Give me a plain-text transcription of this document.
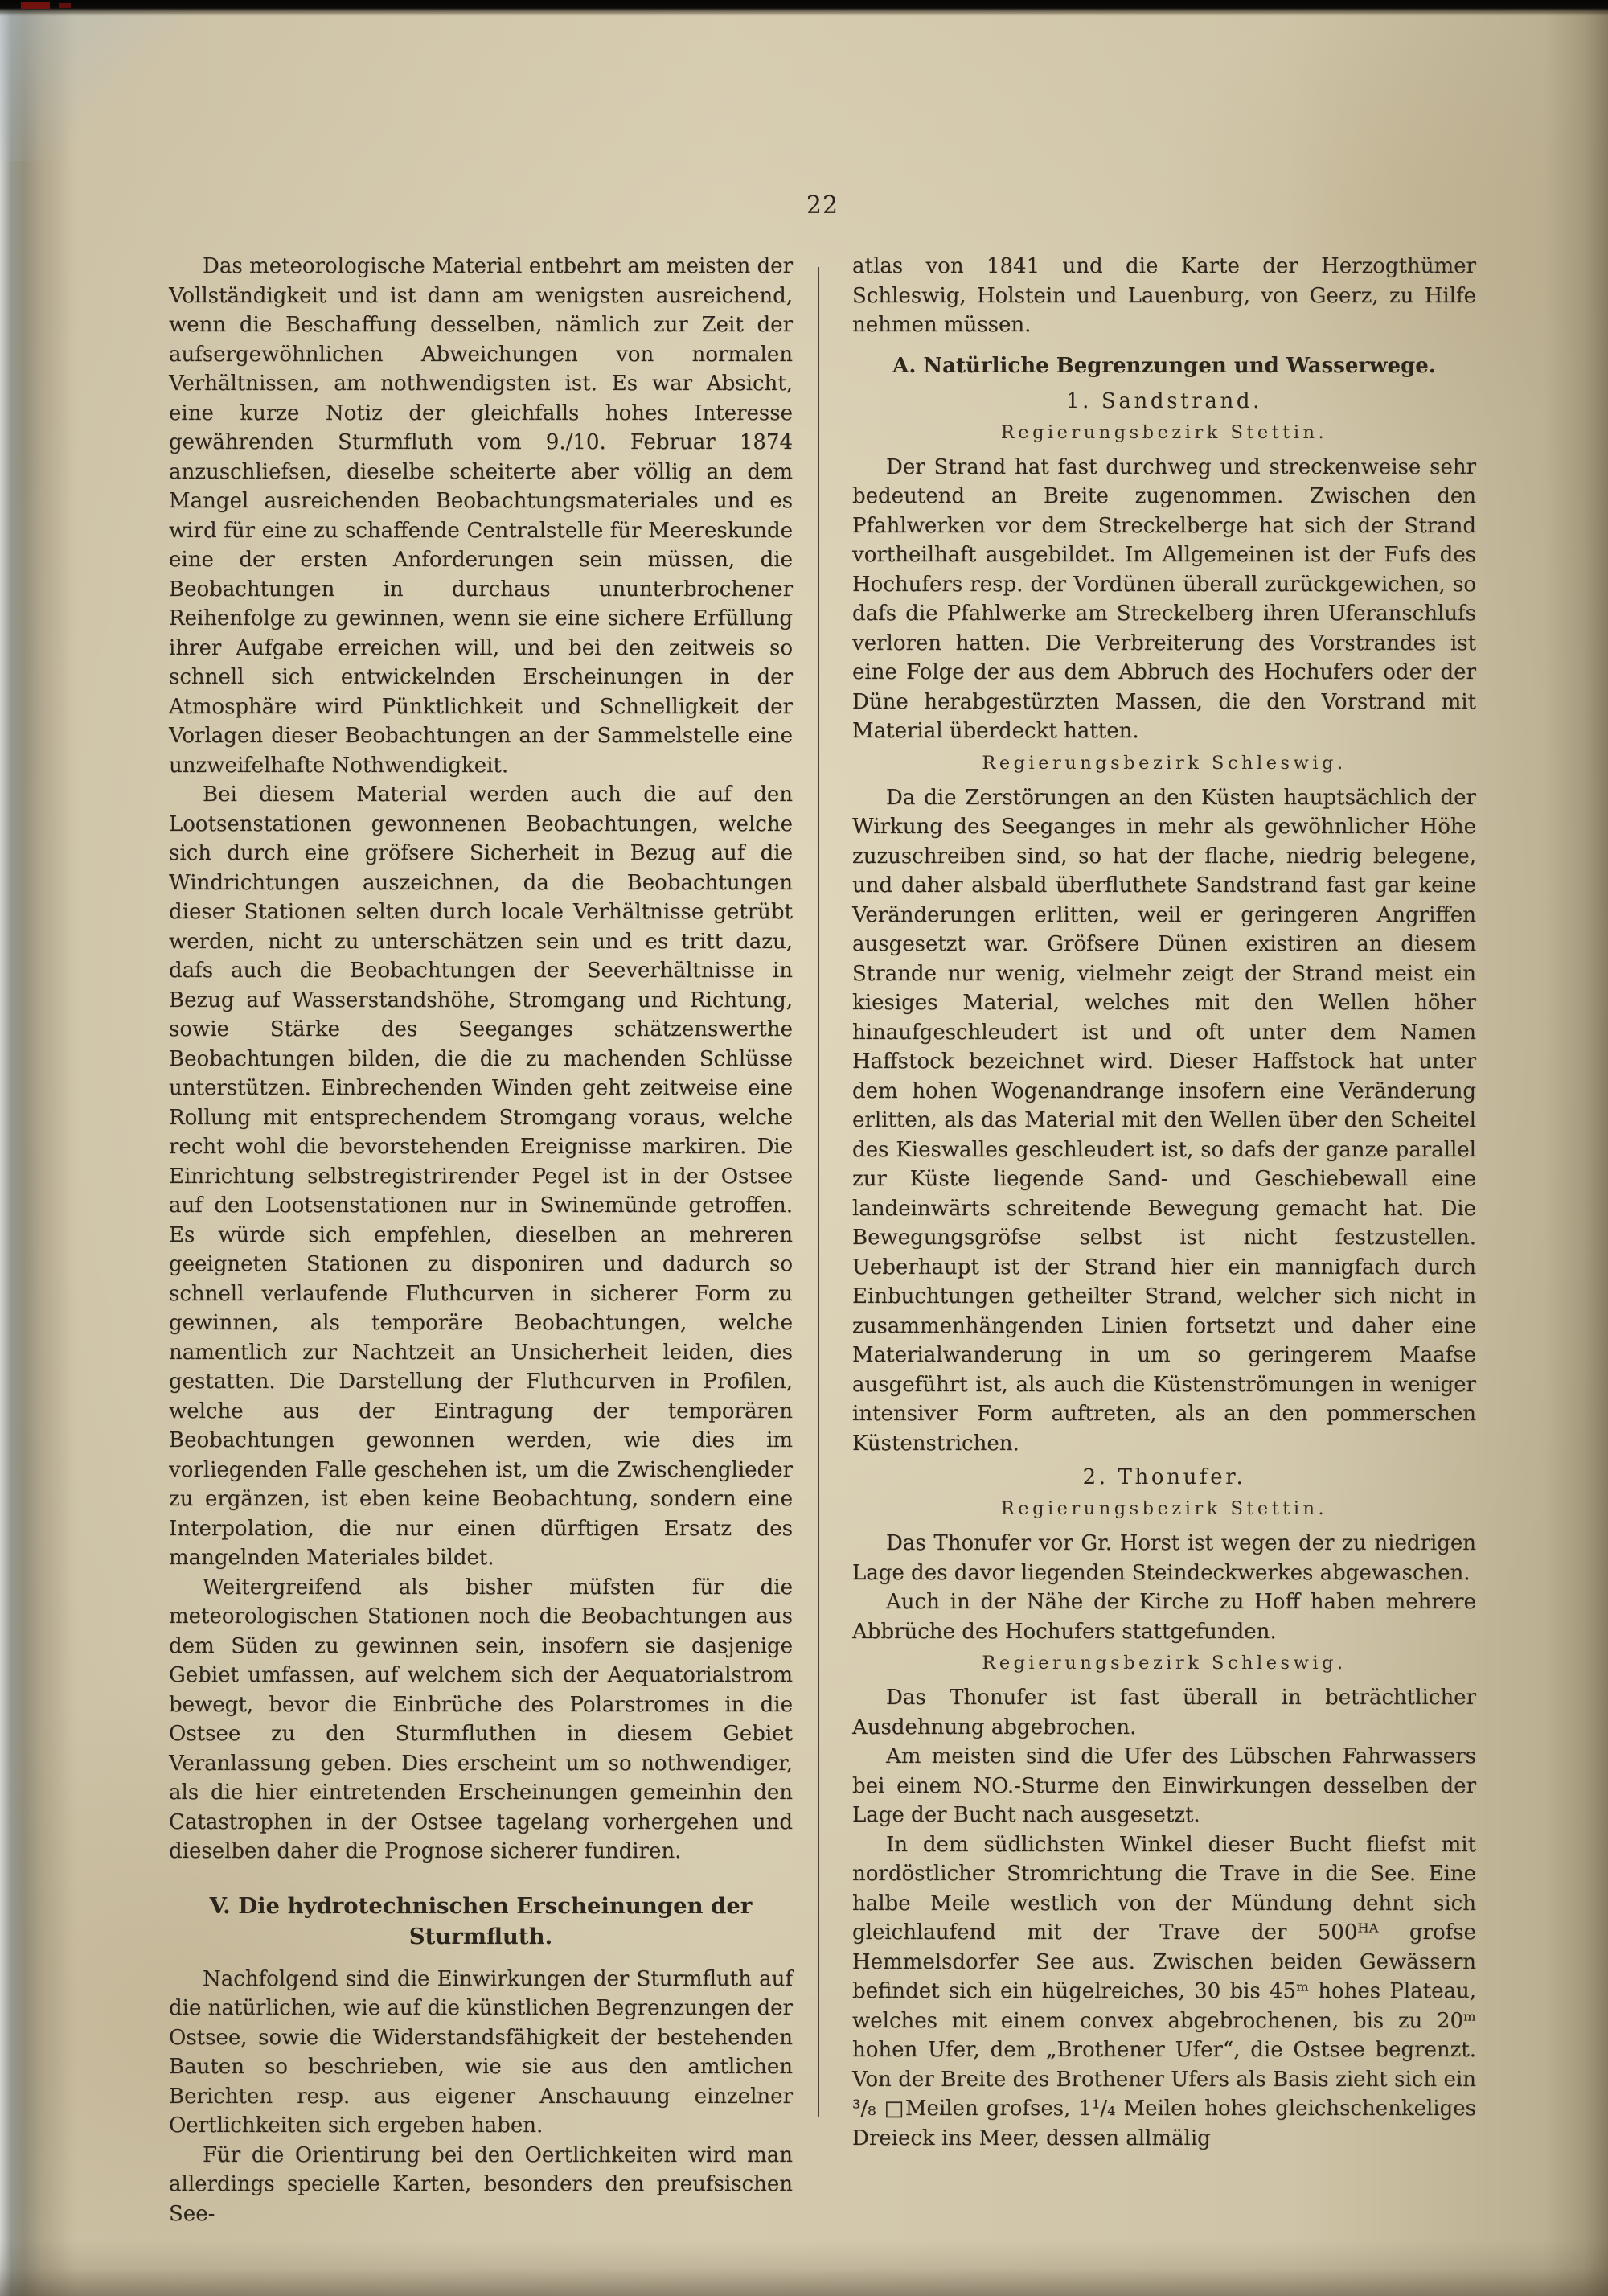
22

Das meteorologische Material entbehrt am meisten der Vollständigkeit und ist dann am wenigsten ausreichend, wenn die Beschaffung desselben, nämlich zur Zeit der aufsergewöhnlichen Abweichungen von normalen Verhältnissen, am nothwendigsten ist. Es war Absicht, eine kurze Notiz der gleichfalls hohes Interesse gewährenden Sturmfluth vom 9./10. Februar 1874 anzuschliefsen, dieselbe scheiterte aber völlig an dem Mangel ausreichenden Beobachtungsmateriales und es wird für eine zu schaffende Centralstelle für Meereskunde eine der ersten Anforderungen sein müssen, die Beobachtungen in durchaus ununterbrochener Reihenfolge zu gewinnen, wenn sie eine sichere Erfüllung ihrer Aufgabe erreichen will, und bei den zeitweis so schnell sich entwickelnden Erscheinungen in der Atmosphäre wird Pünktlichkeit und Schnelligkeit der Vorlagen dieser Beobachtungen an der Sammelstelle eine unzweifelhafte Nothwendigkeit.

Bei diesem Material werden auch die auf den Lootsenstationen gewonnenen Beobachtungen, welche sich durch eine gröfsere Sicherheit in Bezug auf die Windrichtungen auszeichnen, da die Beobachtungen dieser Stationen selten durch locale Verhältnisse getrübt werden, nicht zu unterschätzen sein und es tritt dazu, dafs auch die Beobachtungen der Seeverhältnisse in Bezug auf Wasserstandshöhe, Stromgang und Richtung, sowie Stärke des Seeganges schätzenswerthe Beobachtungen bilden, die die zu machenden Schlüsse unterstützen. Einbrechenden Winden geht zeitweise eine Rollung mit entsprechendem Stromgang voraus, welche recht wohl die bevorstehenden Ereignisse markiren. Die Einrichtung selbstregistrirender Pegel ist in der Ostsee auf den Lootsenstationen nur in Swinemünde getroffen. Es würde sich empfehlen, dieselben an mehreren geeigneten Stationen zu disponiren und dadurch so schnell verlaufende Fluthcurven in sicherer Form zu gewinnen, als temporäre Beobachtungen, welche namentlich zur Nachtzeit an Unsicherheit leiden, dies gestatten. Die Darstellung der Fluthcurven in Profilen, welche aus der Eintragung der temporären Beobachtungen gewonnen werden, wie dies im vorliegenden Falle geschehen ist, um die Zwischenglieder zu ergänzen, ist eben keine Beobachtung, sondern eine Interpolation, die nur einen dürftigen Ersatz des mangelnden Materiales bildet.

Weitergreifend als bisher müfsten für die meteorologischen Stationen noch die Beobachtungen aus dem Süden zu gewinnen sein, insofern sie dasjenige Gebiet umfassen, auf welchem sich der Aequatorialstrom bewegt, bevor die Einbrüche des Polarstromes in die Ostsee zu den Sturmfluthen in diesem Gebiet Veranlassung geben. Dies erscheint um so nothwendiger, als die hier eintretenden Erscheinungen gemeinhin den Catastrophen in der Ostsee tagelang vorhergehen und dieselben daher die Prognose sicherer fundiren.

V. Die hydrotechnischen Erscheinungen der Sturmfluth.

Nachfolgend sind die Einwirkungen der Sturmfluth auf die natürlichen, wie auf die künstlichen Begrenzungen der Ostsee, sowie die Widerstandsfähigkeit der bestehenden Bauten so beschrieben, wie sie aus den amtlichen Berichten resp. aus eigener Anschauung einzelner Oertlichkeiten sich ergeben haben.

Für die Orientirung bei den Oertlichkeiten wird man allerdings specielle Karten, besonders den preufsischen See-

atlas von 1841 und die Karte der Herzogthümer Schleswig, Holstein und Lauenburg, von Geerz, zu Hilfe nehmen müssen.

A. Natürliche Begrenzungen und Wasserwege.
1. Sandstrand.
Regierungsbezirk Stettin.

Der Strand hat fast durchweg und streckenweise sehr bedeutend an Breite zugenommen. Zwischen den Pfahlwerken vor dem Streckelberge hat sich der Strand vortheilhaft ausgebildet. Im Allgemeinen ist der Fufs des Hochufers resp. der Vordünen überall zurückgewichen, so dafs die Pfahlwerke am Streckelberg ihren Uferanschlufs verloren hatten. Die Verbreiterung des Vorstrandes ist eine Folge der aus dem Abbruch des Hochufers oder der Düne herabgestürzten Massen, die den Vorstrand mit Material überdeckt hatten.

Regierungsbezirk Schleswig.

Da die Zerstörungen an den Küsten hauptsächlich der Wirkung des Seeganges in mehr als gewöhnlicher Höhe zuzuschreiben sind, so hat der flache, niedrig belegene, und daher alsbald überfluthete Sandstrand fast gar keine Veränderungen erlitten, weil er geringeren Angriffen ausgesetzt war. Gröfsere Dünen existiren an diesem Strande nur wenig, vielmehr zeigt der Strand meist ein kiesiges Material, welches mit den Wellen höher hinaufgeschleudert ist und oft unter dem Namen Haffstock bezeichnet wird. Dieser Haffstock hat unter dem hohen Wogenandrange insofern eine Veränderung erlitten, als das Material mit den Wellen über den Scheitel des Kieswalles geschleudert ist, so dafs der ganze parallel zur Küste liegende Sand- und Geschiebewall eine landeinwärts schreitende Bewegung gemacht hat. Die Bewegungsgröfse selbst ist nicht festzustellen. Ueberhaupt ist der Strand hier ein mannigfach durch Einbuchtungen getheilter Strand, welcher sich nicht in zusammenhängenden Linien fortsetzt und daher eine Materialwanderung in um so geringerem Maafse ausgeführt ist, als auch die Küstenströmungen in weniger intensiver Form auftreten, als an den pommerschen Küstenstrichen.

2. Thonufer.
Regierungsbezirk Stettin.

Das Thonufer vor Gr. Horst ist wegen der zu niedrigen Lage des davor liegenden Steindeckwerkes abgewaschen.

Auch in der Nähe der Kirche zu Hoff haben mehrere Abbrüche des Hochufers stattgefunden.

Regierungsbezirk Schleswig.

Das Thonufer ist fast überall in beträchtlicher Ausdehnung abgebrochen.

Am meisten sind die Ufer des Lübschen Fahrwassers bei einem NO.-Sturme den Einwirkungen desselben der Lage der Bucht nach ausgesetzt.

In dem südlichsten Winkel dieser Bucht fliefst mit nordöstlicher Stromrichtung die Trave in die See. Eine halbe Meile westlich von der Mündung dehnt sich gleichlaufend mit der Trave der 500ᴴᴬ grofse Hemmelsdorfer See aus. Zwischen beiden Gewässern befindet sich ein hügelreiches, 30 bis 45ᵐ hohes Plateau, welches mit einem convex abgebrochenen, bis zu 20ᵐ hohen Ufer, dem „Brothener Ufer“, die Ostsee begrenzt. Von der Breite des Brothener Ufers als Basis zieht sich ein ³/₈ □Meilen grofses, 1¹/₄ Meilen hohes gleichschenkeliges Dreieck ins Meer, dessen allmälig
